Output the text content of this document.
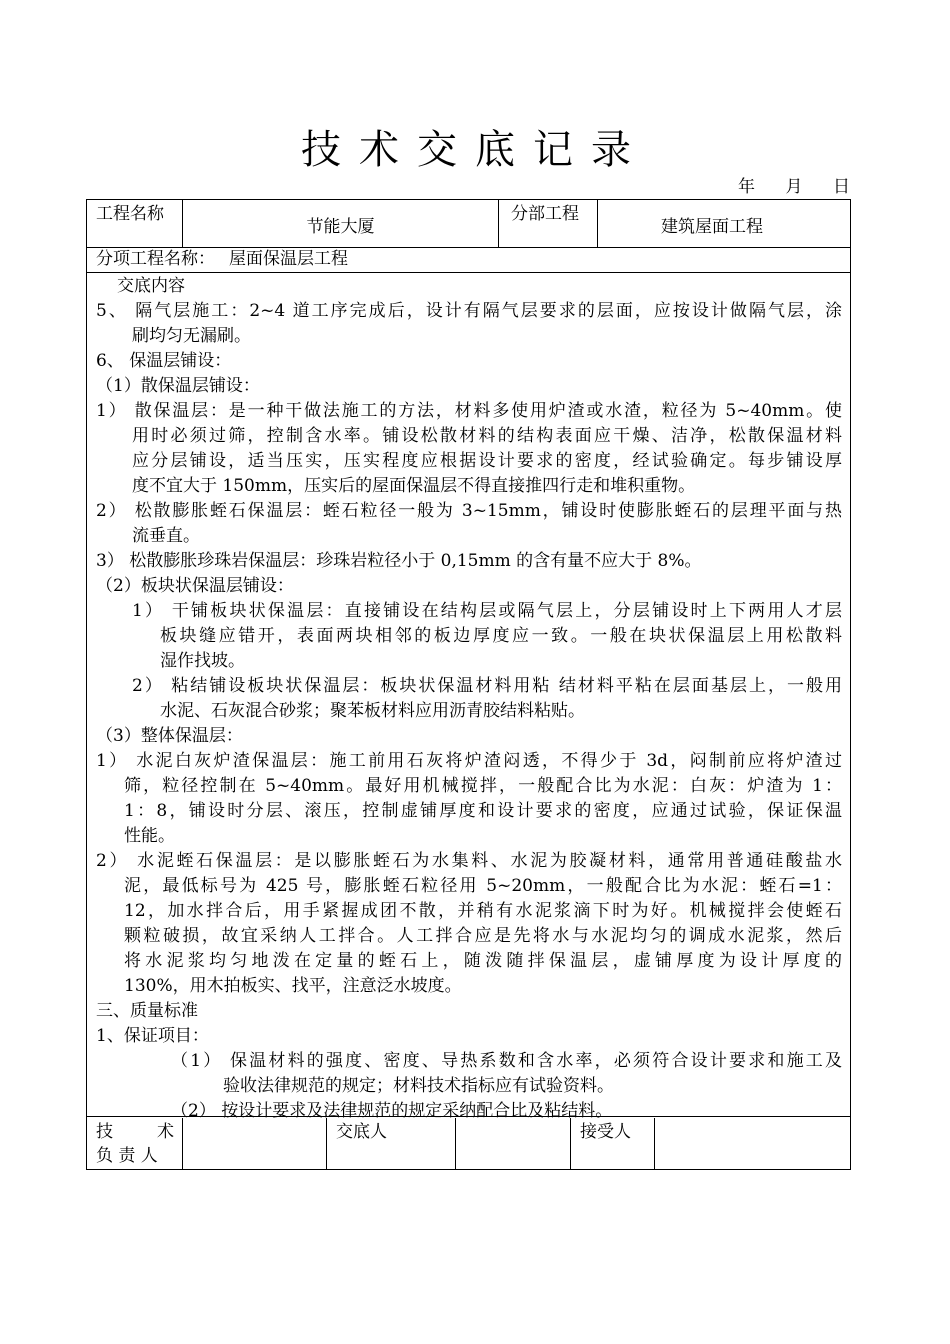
技术交底记录
年 月 日
工程名称
节能大厦
分部工程
建筑屋面工程
分项工程名称： 屋面保温层工程
交底内容
5、 隔气层施工：2~4 道工序完成后，设计有隔气层要求的层面，应按设计做隔气层，涂
刷均匀无漏刷。
6、 保温层铺设：
（1）散保温层铺设：
1） 散保温层：是一种干做法施工的方法，材料多使用炉渣或水渣，粒径为 5~40mm。使
用时必须过筛，控制含水率。铺设松散材料的结构表面应干燥、洁净，松散保温材料
应分层铺设，适当压实，压实程度应根据设计要求的密度，经试验确定。每步铺设厚
度不宜大于 150mm，压实后的屋面保温层不得直接推四行走和堆积重物。
2） 松散膨胀蛭石保温层：蛭石粒径一般为 3~15mm，铺设时使膨胀蛭石的层理平面与热
流垂直。
3） 松散膨胀珍珠岩保温层：珍珠岩粒径小于 0,15mm 的含有量不应大于 8%。
（2）板块状保温层铺设：
1） 干铺板块状保温层：直接铺设在结构层或隔气层上，分层铺设时上下两用人才层
板块缝应错开，表面两块相邻的板边厚度应一致。一般在块状保温层上用松散料
湿作找坡。
2） 粘结铺设板块状保温层：板块状保温材料用粘 结材料平粘在层面基层上，一般用
水泥、石灰混合砂浆；聚苯板材料应用沥青胶结料粘贴。
（3）整体保温层：
1） 水泥白灰炉渣保温层：施工前用石灰将炉渣闷透，不得少于 3d，闷制前应将炉渣过
筛，粒径控制在 5~40mm。最好用机械搅拌，一般配合比为水泥：白灰：炉渣为 1：
1：8，铺设时分层、滚压，控制虚铺厚度和设计要求的密度，应通过试验，保证保温
性能。
2） 水泥蛭石保温层：是以膨胀蛭石为水集料、水泥为胶凝材料，通常用普通硅酸盐水
泥，最低标号为 425 号，膨胀蛭石粒径用 5~20mm，一般配合比为水泥：蛭石=1：
12，加水拌合后，用手紧握成团不散，并稍有水泥浆滴下时为好。机械搅拌会使蛭石
颗粒破损，故宜采纳人工拌合。人工拌合应是先将水与水泥均匀的调成水泥浆，然后
将水泥浆均匀地泼在定量的蛭石上，随泼随拌保温层，虚铺厚度为设计厚度的
130%，用木拍板实、找平，注意泛水坡度。
三、质量标准
1、保证项目：
（1） 保温材料的强度、密度、导热系数和含水率，必须符合设计要求和施工及
验收法律规范的规定；材料技术指标应有试验资料。
（2） 按设计要求及法律规范的规定采纳配合比及粘结料。
技　　术
负 责 人
交底人	接受人
